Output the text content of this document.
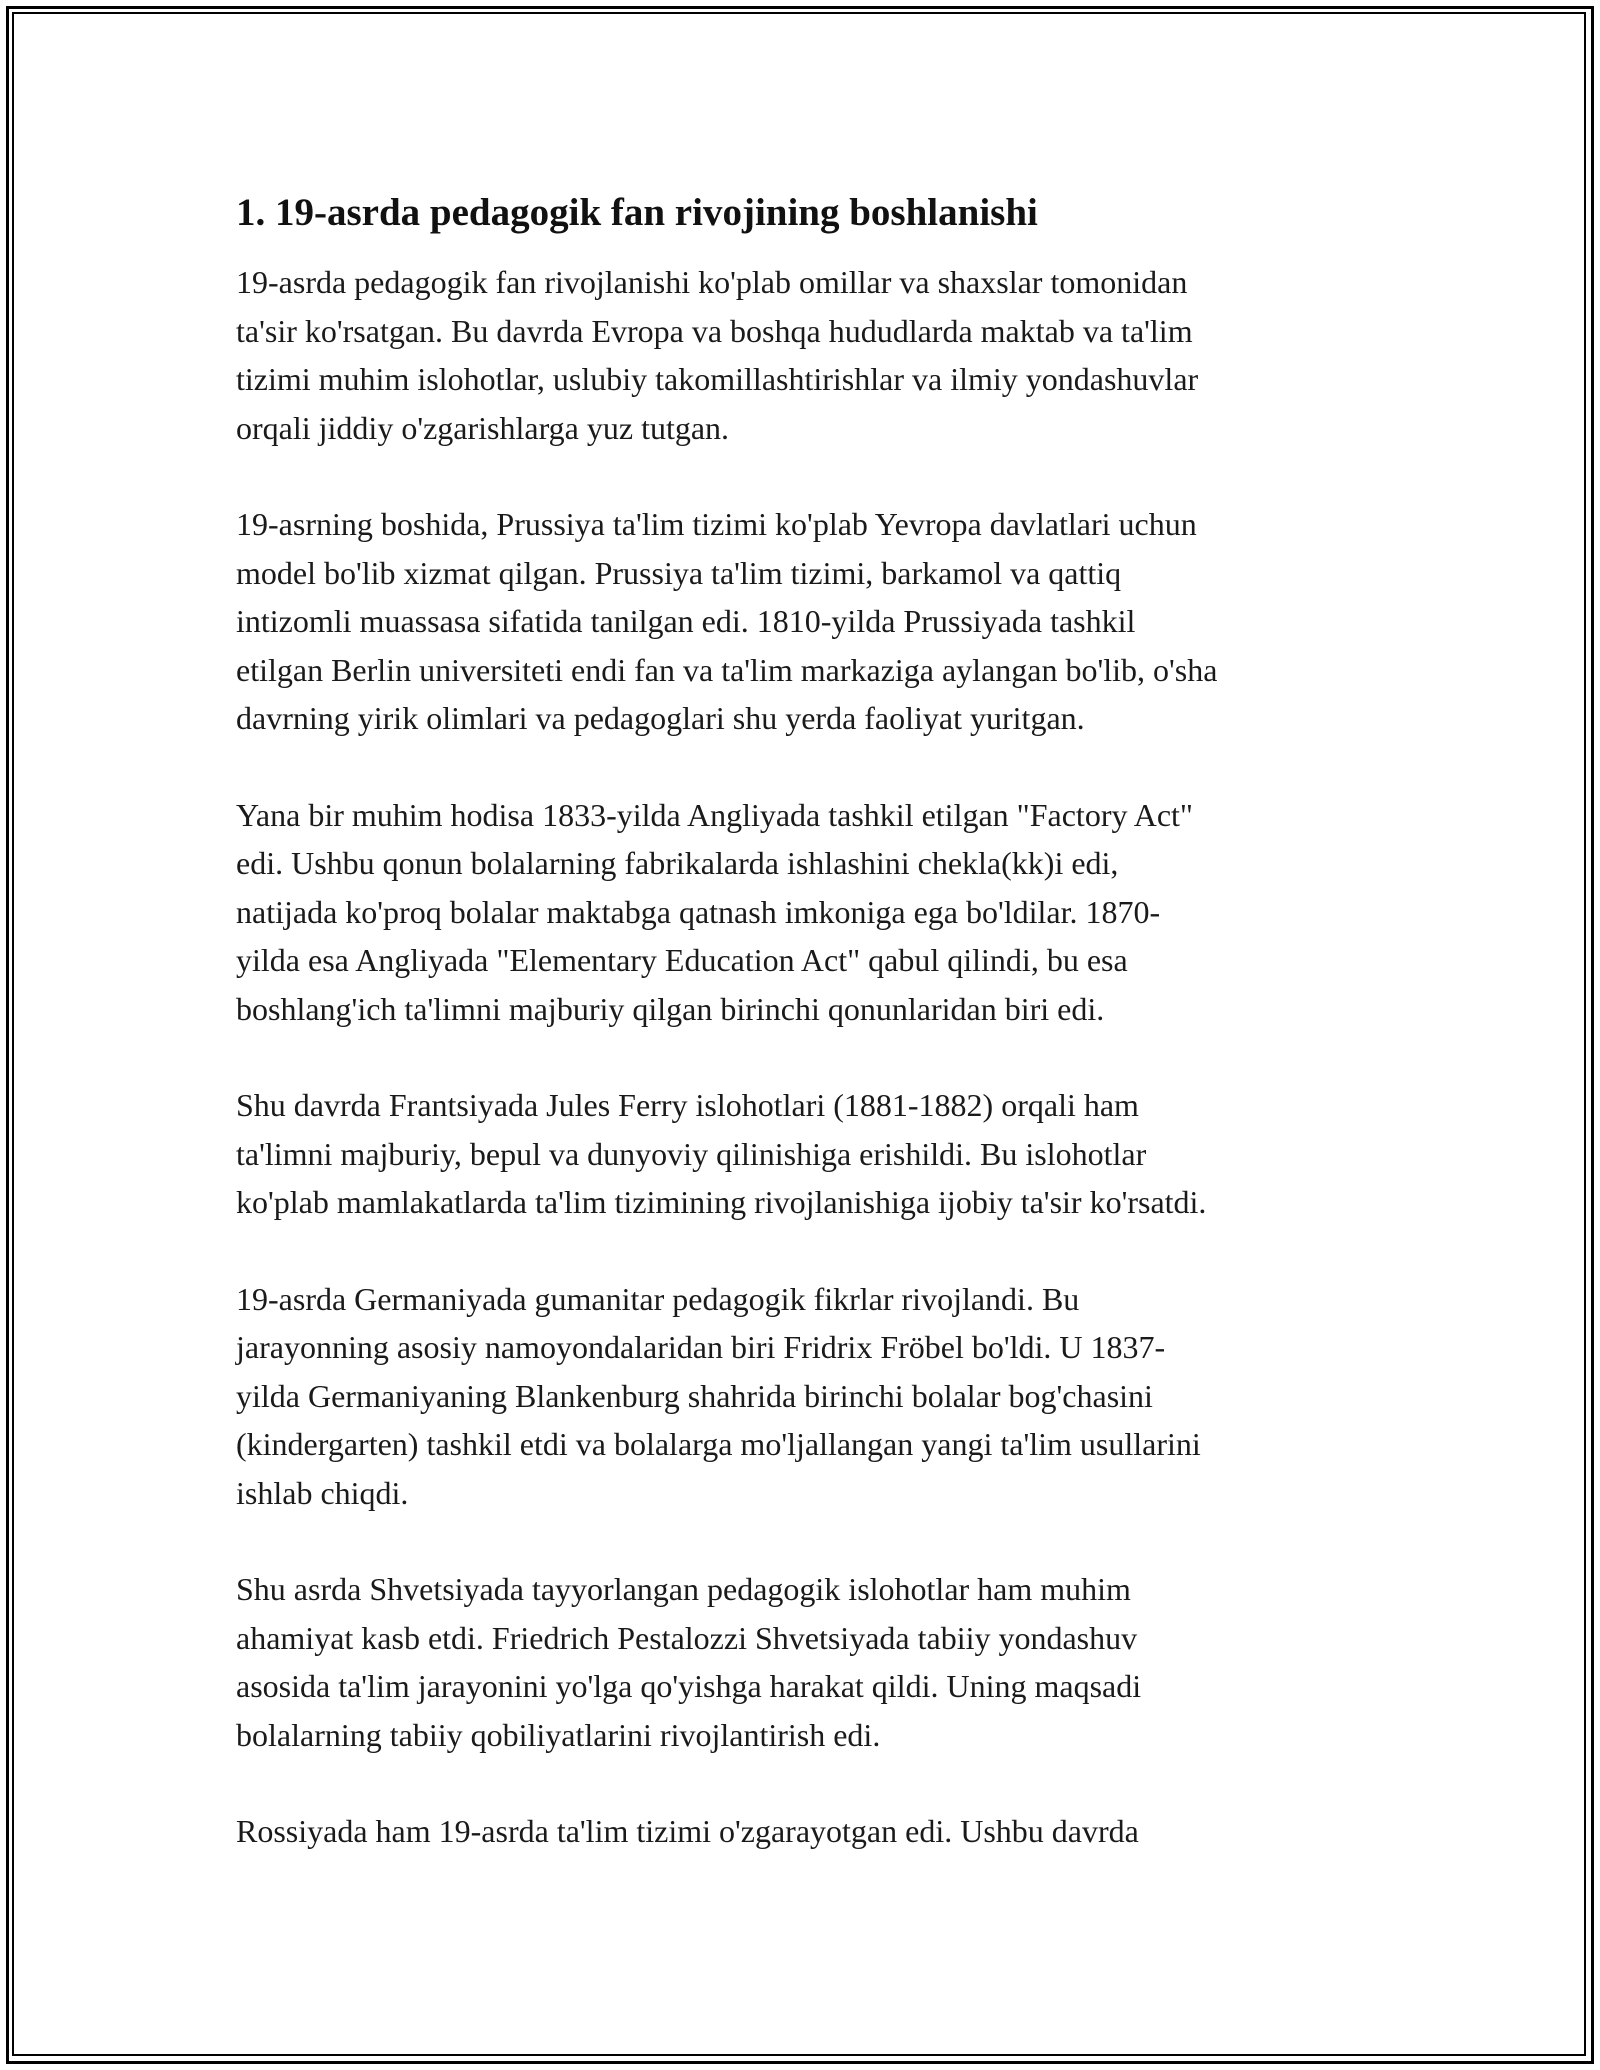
1. 19-asrda pedagogik fan rivojining boshlanishi
19-asrda pedagogik fan rivojlanishi ko'plab omillar va shaxslar tomonidan
ta'sir ko'rsatgan. Bu davrda Evropa va boshqa hududlarda maktab va ta'lim
tizimi muhim islohotlar, uslubiy takomillashtirishlar va ilmiy yondashuvlar
orqali jiddiy o'zgarishlarga yuz tutgan.
19-asrning boshida, Prussiya ta'lim tizimi ko'plab Yevropa davlatlari uchun
model bo'lib xizmat qilgan. Prussiya ta'lim tizimi, barkamol va qattiq
intizomli muassasa sifatida tanilgan edi. 1810-yilda Prussiyada tashkil
etilgan Berlin universiteti endi fan va ta'lim markaziga aylangan bo'lib, o'sha
davrning yirik olimlari va pedagoglari shu yerda faoliyat yuritgan.
Yana bir muhim hodisa 1833-yilda Angliyada tashkil etilgan "Factory Act"
edi. Ushbu qonun bolalarning fabrikalarda ishlashini chekla(kk)i edi,
natijada ko'proq bolalar maktabga qatnash imkoniga ega bo'ldilar. 1870-
yilda esa Angliyada "Elementary Education Act" qabul qilindi, bu esa
boshlang'ich ta'limni majburiy qilgan birinchi qonunlaridan biri edi.
Shu davrda Frantsiyada Jules Ferry islohotlari (1881-1882) orqali ham
ta'limni majburiy, bepul va dunyoviy qilinishiga erishildi. Bu islohotlar
ko'plab mamlakatlarda ta'lim tizimining rivojlanishiga ijobiy ta'sir ko'rsatdi.
19-asrda Germaniyada gumanitar pedagogik fikrlar rivojlandi. Bu
jarayonning asosiy namoyondalaridan biri Fridrix Fröbel bo'ldi. U 1837-
yilda Germaniyaning Blankenburg shahrida birinchi bolalar bog'chasini
(kindergarten) tashkil etdi va bolalarga mo'ljallangan yangi ta'lim usullarini
ishlab chiqdi.
Shu asrda Shvetsiyada tayyorlangan pedagogik islohotlar ham muhim
ahamiyat kasb etdi. Friedrich Pestalozzi Shvetsiyada tabiiy yondashuv
asosida ta'lim jarayonini yo'lga qo'yishga harakat qildi. Uning maqsadi
bolalarning tabiiy qobiliyatlarini rivojlantirish edi.
Rossiyada ham 19-asrda ta'lim tizimi o'zgarayotgan edi. Ushbu davrda
